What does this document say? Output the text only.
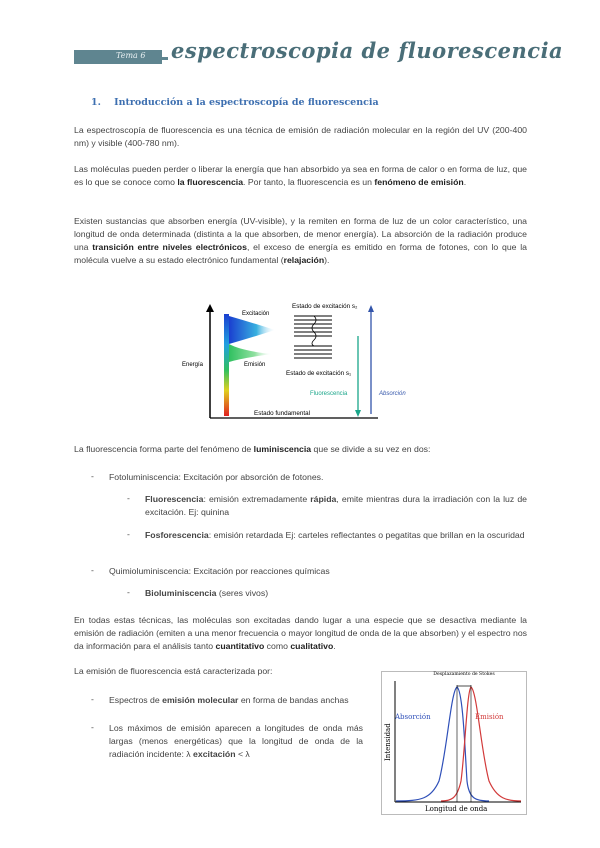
Tema 6 espectroscopia de fluorescencia
1. Introducción a la espectroscopía de fluorescencia

La espectroscopía de fluorescencia es una técnica de emisión de radiación molecular en la región del UV (200-400 nm) y visible (400-780 nm).

Las moléculas pueden perder o liberar la energía que han absorbido ya sea en forma de calor o en forma de luz, que es lo que se conoce como la fluorescencia. Por tanto, la fluorescencia es un fenómeno de emisión.

Existen sustancias que absorben energía (UV-visible), y la remiten en forma de luz de un color característico, una longitud de onda determinada (distinta a la que absorben, de menor energía). La absorción de la radiación produce una transición entre niveles electrónicos, el exceso de energía es emitido en forma de fotones, con lo que la molécula vuelve a su estado electrónico fundamental (relajación).

Estado de excitación s₂
Excitación
Emisión
Energía
Estado de excitación s₁
Fluorescencia	Absorción
Estado fundamental

La fluorescencia forma parte del fenómeno de luminiscencia que se divide a su vez en dos:

- Fotoluminiscencia: Excitación por absorción de fotones.

- Fluorescencia: emisión extremadamente rápida, emite mientras dura la irradiación con la luz de excitación. Ej: quinina

- Fosforescencia: emisión retardada Ej: carteles reflectantes o pegatitas que brillan en la oscuridad

- Quimioluminiscencia: Excitación por reacciones químicas

- Bioluminiscencia (seres vivos)

En todas estas técnicas, las moléculas son excitadas dando lugar a una especie que se desactiva mediante la emisión de radiación (emiten a una menor frecuencia o mayor longitud de onda de la que absorben) y el espectro nos da información para el análisis tanto cuantitativo como cualitativo.

La emisión de fluorescencia está caracterizada por:

- Espectros de emisión molecular en forma de bandas anchas

- Los máximos de emisión aparecen a longitudes de onda más largas (menos energéticas) que la longitud de onda de la radiación incidente: λ excitación < λ

Desplazamiento de Stokes
Absorción	Emisión
Intensidad
Longitud de onda
